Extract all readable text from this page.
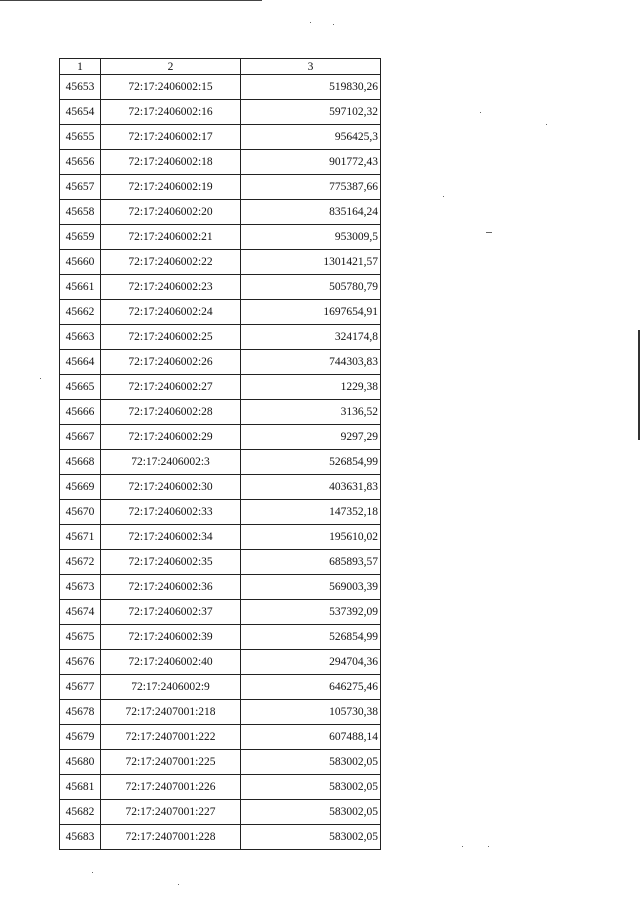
1	2	3
45653	72:17:2406002:15	519830,26
45654	72:17:2406002:16	597102,32
45655	72:17:2406002:17	956425,3
45656	72:17:2406002:18	901772,43
45657	72:17:2406002:19	775387,66
45658	72:17:2406002:20	835164,24
45659	72:17:2406002:21	953009,5
45660	72:17:2406002:22	1301421,57
45661	72:17:2406002:23	505780,79
45662	72:17:2406002:24	1697654,91
45663	72:17:2406002:25	324174,8
45664	72:17:2406002:26	744303,83
45665	72:17:2406002:27	1229,38
45666	72:17:2406002:28	3136,52
45667	72:17:2406002:29	9297,29
45668	72:17:2406002:3	526854,99
45669	72:17:2406002:30	403631,83
45670	72:17:2406002:33	147352,18
45671	72:17:2406002:34	195610,02
45672	72:17:2406002:35	685893,57
45673	72:17:2406002:36	569003,39
45674	72:17:2406002:37	537392,09
45675	72:17:2406002:39	526854,99
45676	72:17:2406002:40	294704,36
45677	72:17:2406002:9	646275,46
45678	72:17:2407001:218	105730,38
45679	72:17:2407001:222	607488,14
45680	72:17:2407001:225	583002,05
45681	72:17:2407001:226	583002,05
45682	72:17:2407001:227	583002,05
45683	72:17:2407001:228	583002,05
